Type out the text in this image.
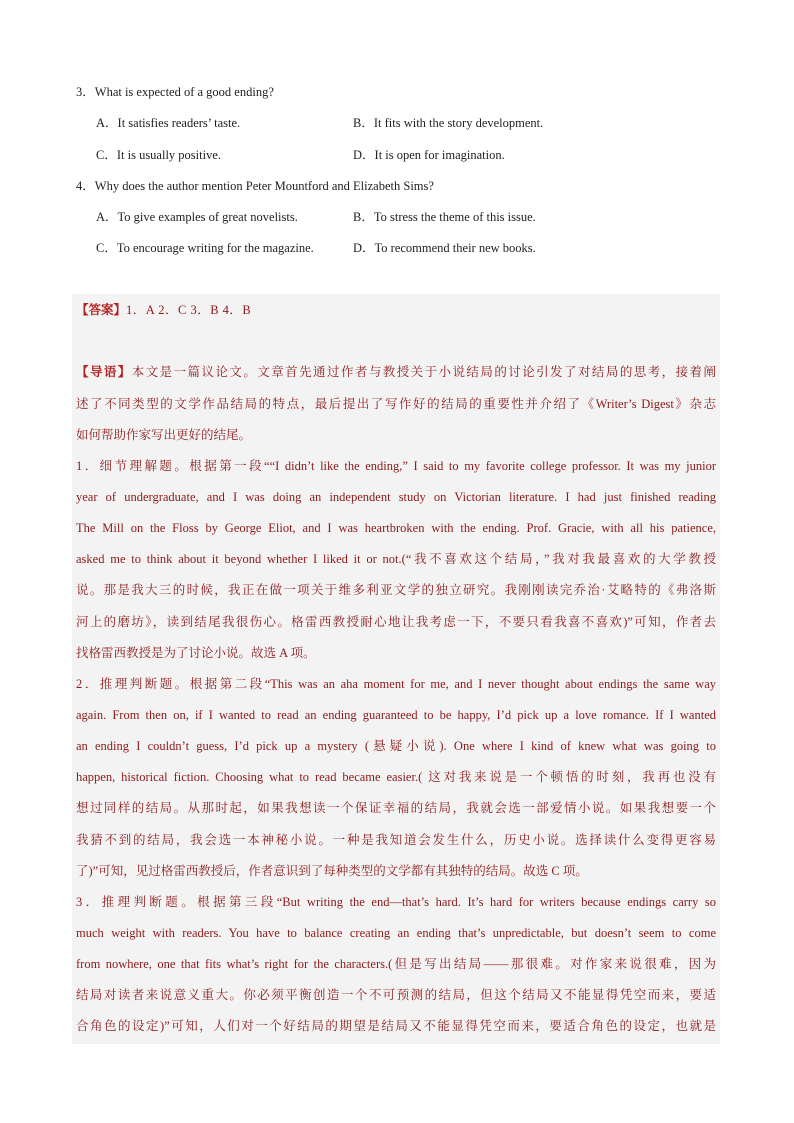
3．What is expected of a good ending?
A．It satisfies readers’ taste.	B．It fits with the story development.
C．It is usually positive.	D．It is open for imagination.
4．Why does the author mention Peter Mountford and Elizabeth Sims?
A．To give examples of great novelists.	B．To stress the theme of this issue.
C．To encourage writing for the magazine.	D．To recommend their new books.
【答案】1．A 2．C 3．B 4．B
【导语】本文是一篇议论文。文章首先通过作者与教授关于小说结局的讨论引发了对结局的思考，接着阐
述了不同类型的文学作品结局的特点，最后提出了写作好的结局的重要性并介绍了《Writer’s Digest》杂志
如何帮助作家写出更好的结尾。
1．细节理解题。根据第一段““I didn’t like the ending,” I said to my favorite college professor. It was my junior
year of undergraduate, and I was doing an independent study on Victorian literature. I had just finished reading
The Mill on the Floss by George Eliot, and I was heartbroken with the ending. Prof. Gracie, with all his patience,
asked me to think about it beyond whether I liked it or not.(“我不喜欢这个结局，”我对我最喜欢的大学教授
说。那是我大三的时候，我正在做一项关于维多利亚文学的独立研究。我刚刚读完乔治·艾略特的《弗洛斯
河上的磨坊》，读到结尾我很伤心。格雷西教授耐心地让我考虑一下，不要只看我喜不喜欢)”可知，作者去
找格雷西教授是为了讨论小说。故选 A 项。
2．推理判断题。根据第二段“This was an aha moment for me, and I never thought about endings the same way
again. From then on, if I wanted to read an ending guaranteed to be happy, I’d pick up a love romance. If I wanted
an ending I couldn’t guess, I’d pick up a mystery (悬疑小说). One where I kind of knew what was going to
happen, historical fiction. Choosing what to read became easier.( 这对我来说是一个顿悟的时刻，我再也没有
想过同样的结局。从那时起，如果我想读一个保证幸福的结局，我就会选一部爱情小说。如果我想要一个
我猜不到的结局，我会选一本神秘小说。一种是我知道会发生什么，历史小说。选择读什么变得更容易
了)”可知，见过格雷西教授后，作者意识到了每种类型的文学都有其独特的结局。故选 C 项。
3．推理判断题。根据第三段“But writing the end—that’s hard. It’s hard for writers because endings carry so
much weight with readers. You have to balance creating an ending that’s unpredictable, but doesn’t seem to come
from nowhere, one that fits what’s right for the characters.(但是写出结局——那很难。对作家来说很难，因为
结局对读者来说意义重大。你必须平衡创造一个不可预测的结局，但这个结局又不能显得凭空而来，要适
合角色的设定)”可知，人们对一个好结局的期望是结局又不能显得凭空而来，要适合角色的设定，也就是
